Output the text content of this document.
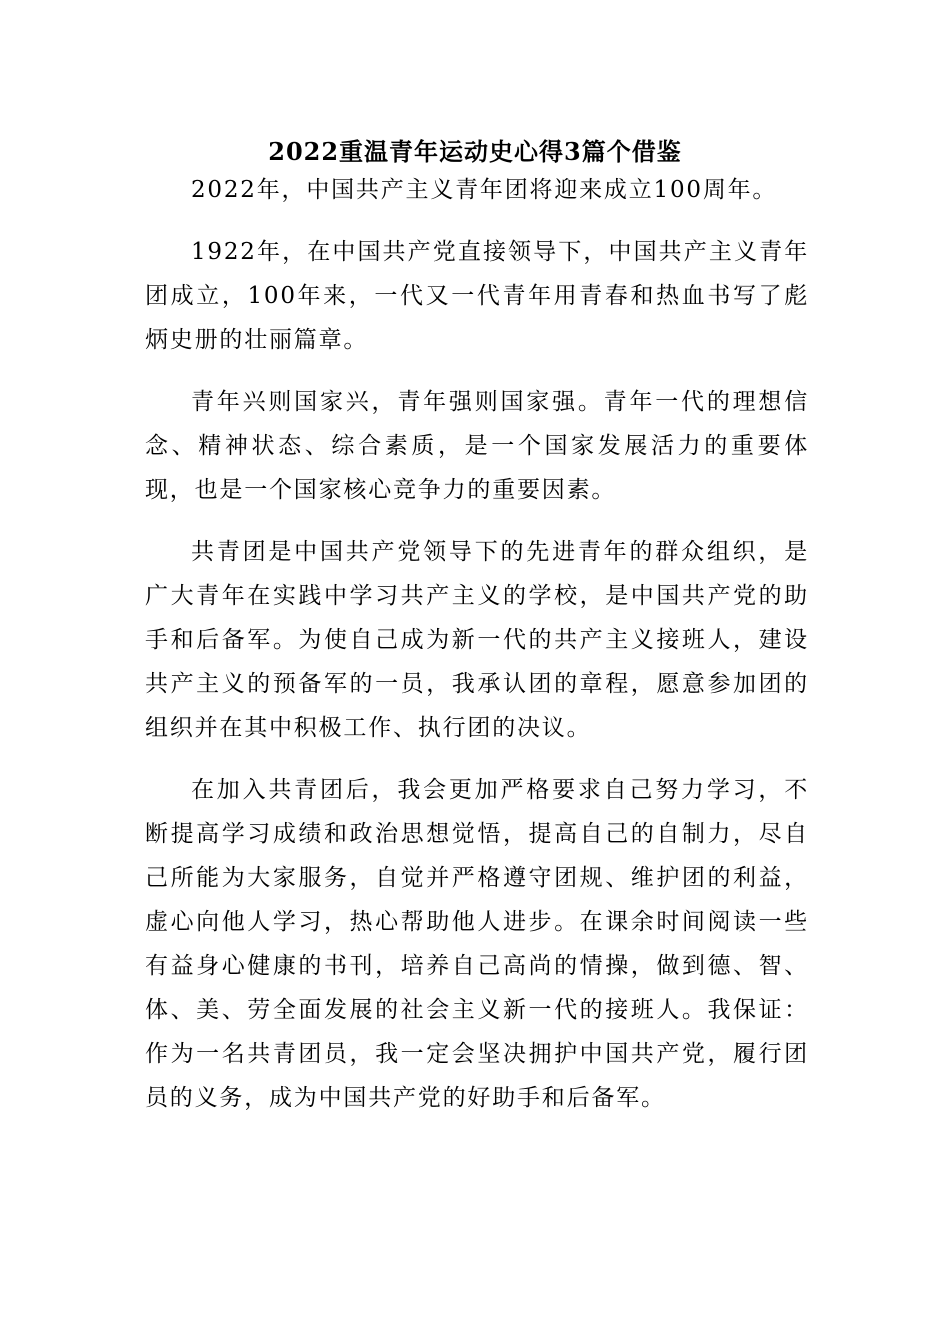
2022重温青年运动史心得3篇个借鉴

2022年，中国共产主义青年团将迎来成立100周年。

1922年，在中国共产党直接领导下，中国共产主义青年团成立，100年来，一代又一代青年用青春和热血书写了彪炳史册的壮丽篇章。

青年兴则国家兴，青年强则国家强。青年一代的理想信念、精神状态、综合素质，是一个国家发展活力的重要体现，也是一个国家核心竞争力的重要因素。

共青团是中国共产党领导下的先进青年的群众组织，是广大青年在实践中学习共产主义的学校，是中国共产党的助手和后备军。为使自己成为新一代的共产主义接班人，建设共产主义的预备军的一员，我承认团的章程，愿意参加团的组织并在其中积极工作、执行团的决议。

在加入共青团后，我会更加严格要求自己努力学习，不断提高学习成绩和政治思想觉悟，提高自己的自制力，尽自己所能为大家服务，自觉并严格遵守团规、维护团的利益，虚心向他人学习，热心帮助他人进步。在课余时间阅读一些有益身心健康的书刊，培养自己高尚的情操，做到德、智、体、美、劳全面发展的社会主义新一代的接班人。我保证：作为一名共青团员，我一定会坚决拥护中国共产党，履行团员的义务，成为中国共产党的好助手和后备军。
